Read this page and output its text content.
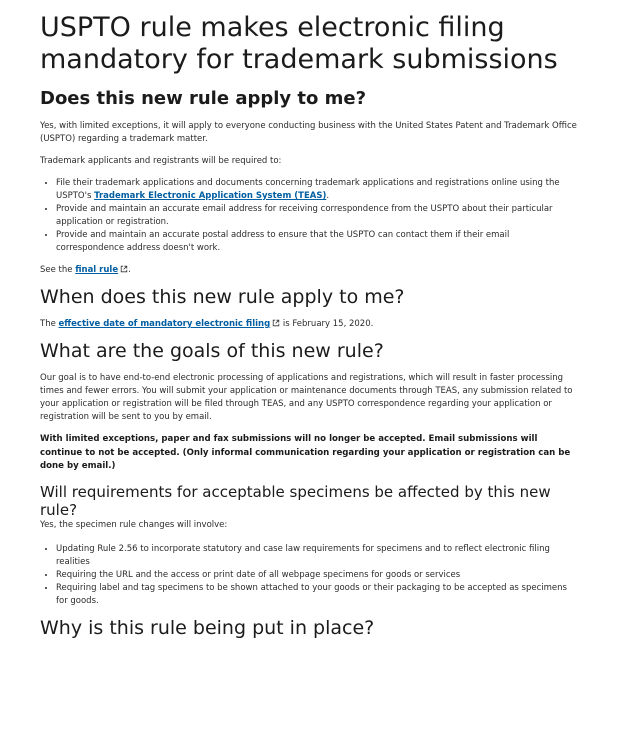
USPTO rule makes electronic filing mandatory for trademark submissions
Does this new rule apply to me?

Yes, with limited exceptions, it will apply to everyone conducting business with the United States Patent and Trademark Office (USPTO) regarding a trademark matter.

Trademark applicants and registrants will be required to:

• File their trademark applications and documents concerning trademark applications and registrations online using the USPTO's Trademark Electronic Application System (TEAS).
• Provide and maintain an accurate email address for receiving correspondence from the USPTO about their particular application or registration.
• Provide and maintain an accurate postal address to ensure that the USPTO can contact them if their email correspondence address doesn't work.

See the final rule .

When does this new rule apply to me?

The effective date of mandatory electronic filing is February 15, 2020.

What are the goals of this new rule?

Our goal is to have end-to-end electronic processing of applications and registrations, which will result in faster processing times and fewer errors. You will submit your application or maintenance documents through TEAS, any submission related to your application or registration will be filed through TEAS, and any USPTO correspondence regarding your application or registration will be sent to you by email.

With limited exceptions, paper and fax submissions will no longer be accepted. Email submissions will continue to not be accepted. (Only informal communication regarding your application or registration can be done by email.)

Will requirements for acceptable specimens be affected by this new rule?

Yes, the specimen rule changes will involve:

• Updating Rule 2.56 to incorporate statutory and case law requirements for specimens and to reflect electronic filing realities
• Requiring the URL and the access or print date of all webpage specimens for goods or services
• Requiring label and tag specimens to be shown attached to your goods or their packaging to be accepted as specimens for goods.
Why is this rule being put in place?
